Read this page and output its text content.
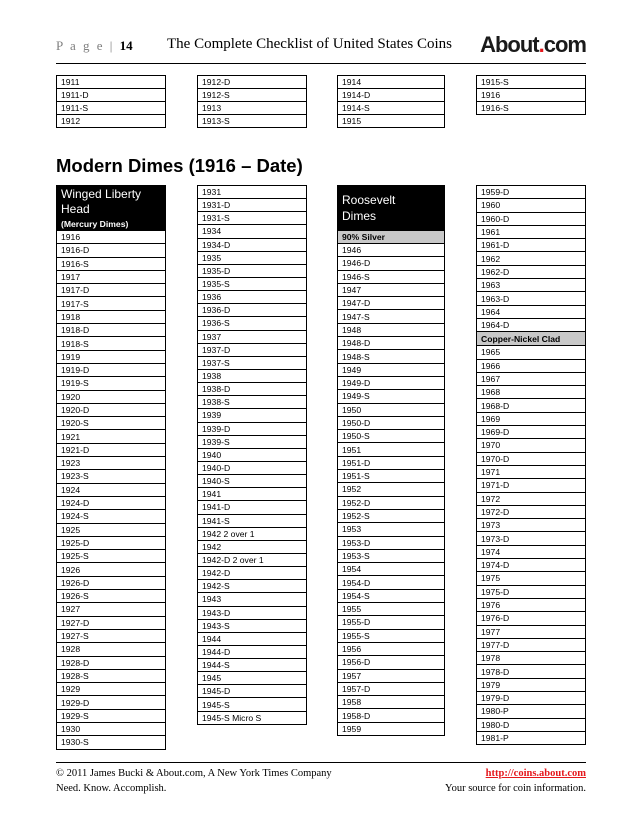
P a g e | 14 The Complete Checklist of United States Coins About.com
1911
1911-D
1911-S
1912
1912-D
1912-S
1913
1913-S
1914
1914-D
1914-S
1915
1915-S
1916
1916-S
Modern Dimes (1916 – Date)
Winged Liberty
Head
(Mercury Dimes)
1916
1916-D
1916-S
1917
1917-D
1917-S
1918
1918-D
1918-S
1919
1919-D
1919-S
1920
1920-D
1920-S
1921
1921-D
1923
1923-S
1924
1924-D
1924-S
1925
1925-D
1925-S
1926
1926-D
1926-S
1927
1927-D
1927-S
1928
1928-D
1928-S
1929
1929-D
1929-S
1930
1930-S
1931
1931-D
1931-S
1934
1934-D
1935
1935-D
1935-S
1936
1936-D
1936-S
1937
1937-D
1937-S
1938
1938-D
1938-S
1939
1939-D
1939-S
1940
1940-D
1940-S
1941
1941-D
1941-S
1942 2 over 1
1942
1942-D 2 over 1
1942-D
1942-S
1943
1943-D
1943-S
1944
1944-D
1944-S
1945
1945-D
1945-S
1945-S Micro S

Roosevelt
Dimes
90% Silver
1946
1946-D
1946-S
1947
1947-D
1947-S
1948
1948-D
1948-S
1949
1949-D
1949-S
1950
1950-D
1950-S
1951
1951-D
1951-S
1952
1952-D
1952-S
1953
1953-D
1953-S
1954
1954-D
1954-S
1955
1955-D
1955-S
1956
1956-D
1957
1957-D
1958
1958-D
1959
1959-D
1960
1960-D
1961
1961-D
1962
1962-D
1963
1963-D
1964
1964-D
Copper-Nickel Clad
1965
1966
1967
1968
1968-D
1969
1969-D
1970
1970-D
1971
1971-D
1972
1972-D
1973
1973-D
1974
1974-D
1975
1975-D
1976
1976-D
1977
1977-D
1978
1978-D
1979
1979-D
1980-P
1980-D
1981-P
© 2011 James Bucki & About.com, A New York Times Company
Need. Know. Accomplish.
http://coins.about.com
Your source for coin information.
